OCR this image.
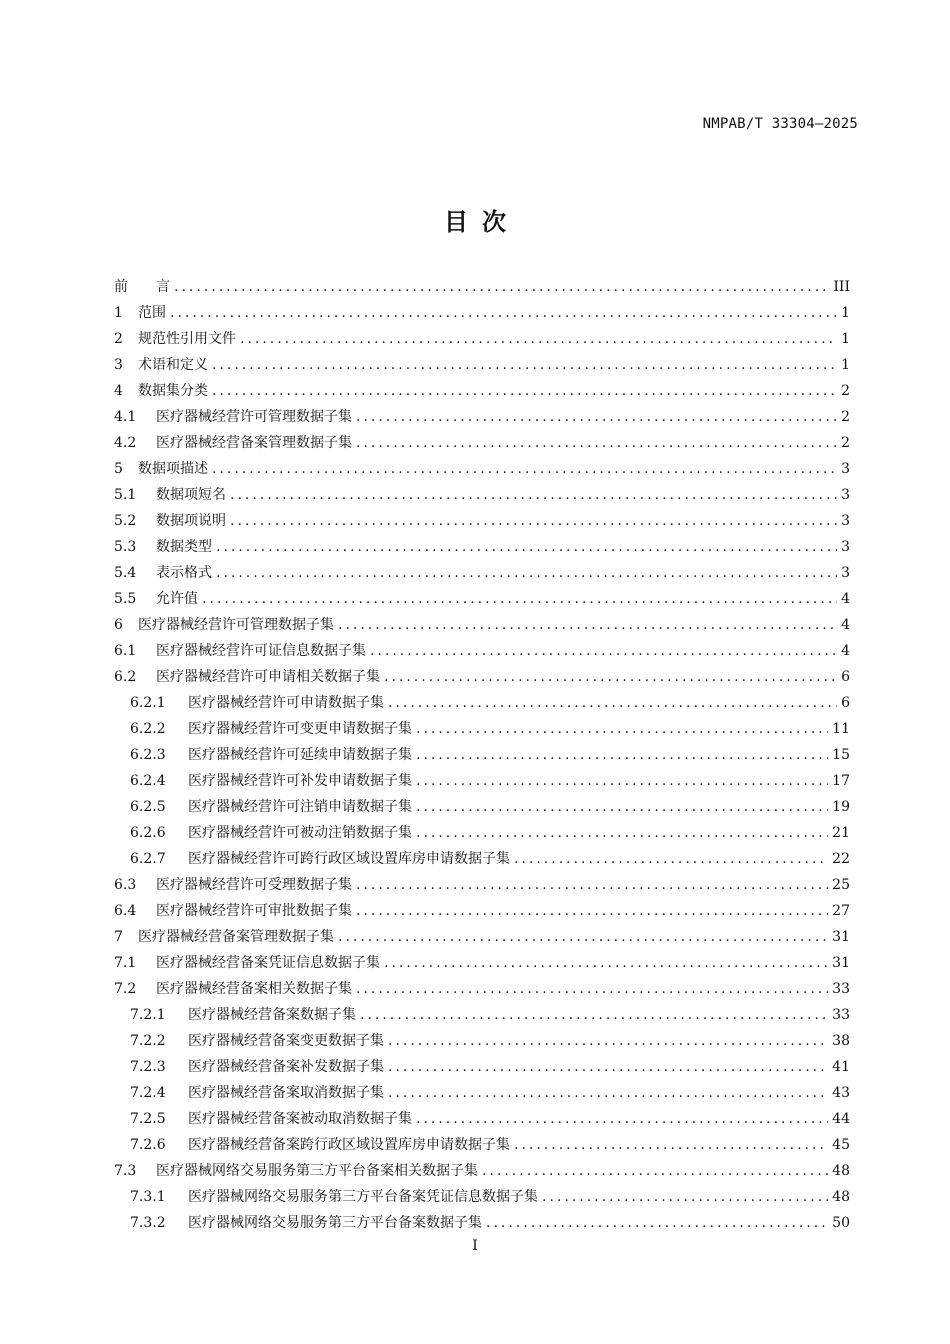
NMPAB/T 33304—2025
目次
前　　言 .....	III
1	范围 .....	1
2	规范性引用文件 .....	1
3	术语和定义 .....	1
4	数据集分类 .....	2
4.1	医疗器械经营许可管理数据子集 .....	2
4.2	医疗器械经营备案管理数据子集 .....	2
5	数据项描述 .....	3
5.1	数据项短名 .....	3
5.2	数据项说明 .....	3
5.3	数据类型 .....	3
5.4	表示格式 .....	3
5.5	允许值 .....	4
6	医疗器械经营许可管理数据子集 .....	4
6.1	医疗器械经营许可证信息数据子集 .....	4
6.2	医疗器械经营许可申请相关数据子集 .....	6
6.2.1	医疗器械经营许可申请数据子集 .....	6
6.2.2	医疗器械经营许可变更申请数据子集 .....	11
6.2.3	医疗器械经营许可延续申请数据子集 .....	15
6.2.4	医疗器械经营许可补发申请数据子集 .....	17
6.2.5	医疗器械经营许可注销申请数据子集 .....	19
6.2.6	医疗器械经营许可被动注销数据子集 .....	21
6.2.7	医疗器械经营许可跨行政区域设置库房申请数据子集 .....	22
6.3	医疗器械经营许可受理数据子集 .....	25
6.4	医疗器械经营许可审批数据子集 .....	27
7	医疗器械经营备案管理数据子集 .....	31
7.1	医疗器械经营备案凭证信息数据子集 .....	31
7.2	医疗器械经营备案相关数据子集 .....	33
7.2.1	医疗器械经营备案数据子集 .....	33
7.2.2	医疗器械经营备案变更数据子集 .....	38
7.2.3	医疗器械经营备案补发数据子集 .....	41
7.2.4	医疗器械经营备案取消数据子集 .....	43
7.2.5	医疗器械经营备案被动取消数据子集 .....	44
7.2.6	医疗器械经营备案跨行政区域设置库房申请数据子集 .....	45
7.3	医疗器械网络交易服务第三方平台备案相关数据子集 .....	48
7.3.1	医疗器械网络交易服务第三方平台备案凭证信息数据子集 .....	48
7.3.2	医疗器械网络交易服务第三方平台备案数据子集 .....	50
I
